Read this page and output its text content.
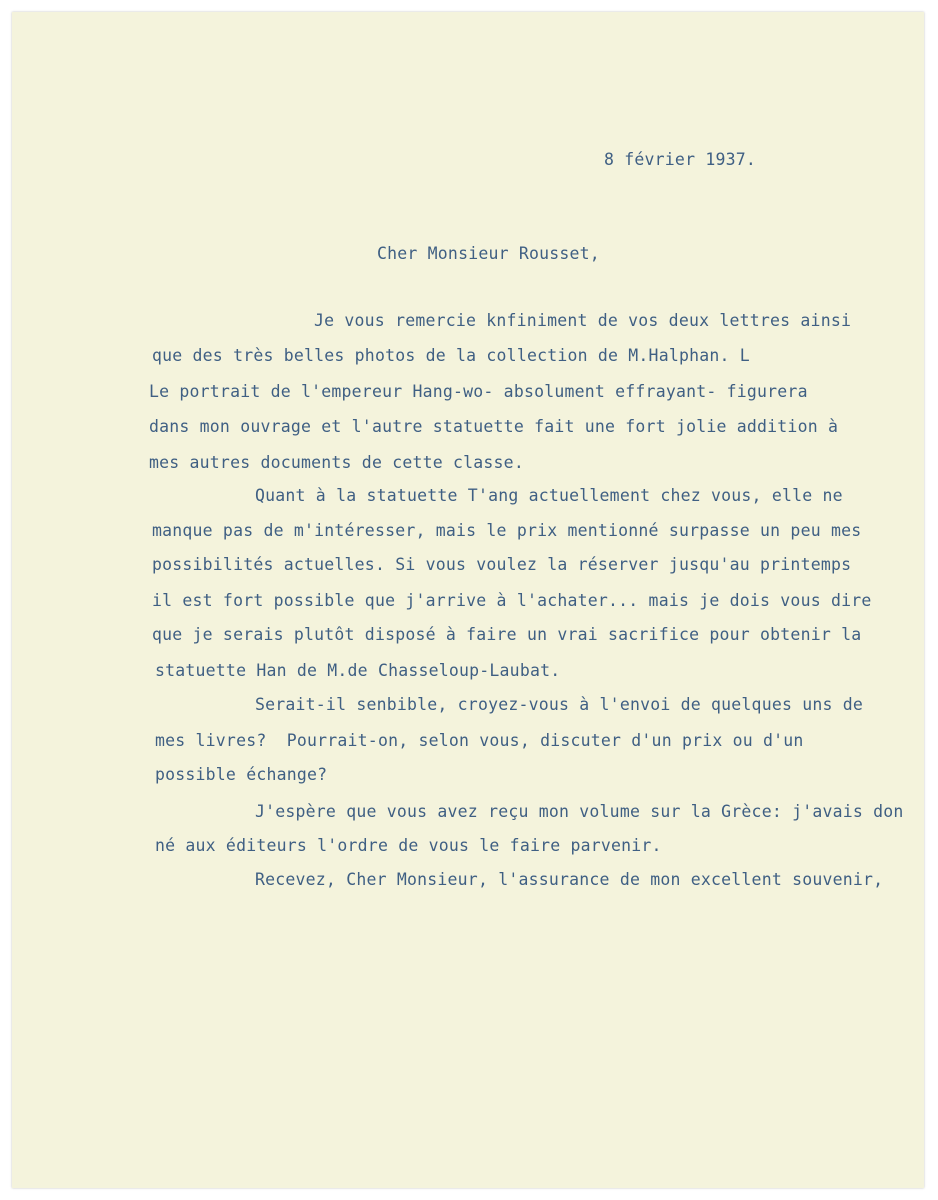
8 février 1937.

Cher Monsieur Rousset,

Je vous remercie knfiniment de vos deux lettres ainsi

que des très belles photos de la collection de M.Halphan. L

Le portrait de l'empereur Hang-wo- absolument effrayant- figurera

dans mon ouvrage et l'autre statuette fait une fort jolie addition à

mes autres documents de cette classe.

Quant à la statuette T'ang actuellement chez vous, elle ne

manque pas de m'intéresser, mais le prix mentionné surpasse un peu mes

possibilités actuelles. Si vous voulez la réserver jusqu'au printemps

il est fort possible que j'arrive à l'achater... mais je dois vous dire

que je serais plutôt disposé à faire un vrai sacrifice pour obtenir la

statuette Han de M.de Chasseloup-Laubat.

Serait-il senbible, croyez-vous à l'envoi de quelques uns de

mes livres?  Pourrait-on, selon vous, discuter d'un prix ou d'un

possible échange?

J'espère que vous avez reçu mon volume sur la Grèce: j'avais don

né aux éditeurs l'ordre de vous le faire parvenir.

Recevez, Cher Monsieur, l'assurance de mon excellent souvenir,
